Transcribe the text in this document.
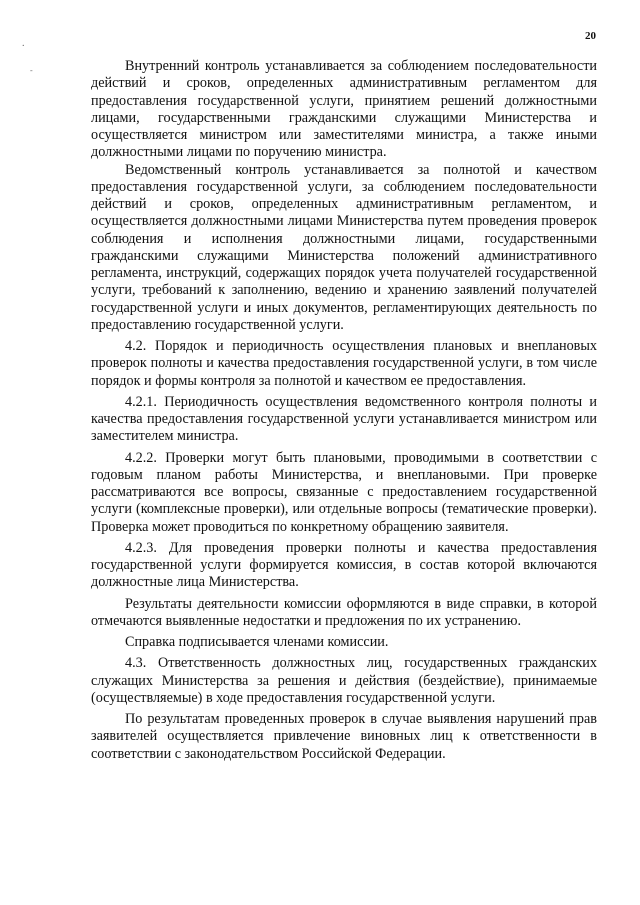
.
-
20

Внутренний контроль устанавливается за соблюдением последовательности действий и сроков, определенных административным регламентом для предоставления государственной услуги, принятием решений должностными лицами, государственными гражданскими служащими Министерства и осуществляется министром или заместителями министра, а также иными должностными лицами по поручению министра.

Ведомственный контроль устанавливается за полнотой и качеством предоставления государственной услуги, за соблюдением последовательности действий и сроков, определенных административным регламентом, и осуществляется должностными лицами Министерства путем проведения проверок соблюдения и исполнения должностными лицами, государственными гражданскими служащими Министерства положений административного регламента, инструкций, содержащих порядок учета получателей государственной услуги, требований к заполнению, ведению и хранению заявлений получателей государственной услуги и иных документов, регламентирующих деятельность по предоставлению государственной услуги.

4.2. Порядок и периодичность осуществления плановых и внеплановых проверок полноты и качества предоставления государственной услуги, в том числе порядок и формы контроля за полнотой и качеством ее предоставления.

4.2.1. Периодичность осуществления ведомственного контроля полноты и качества предоставления государственной услуги устанавливается министром или заместителем министра.

4.2.2. Проверки могут быть плановыми, проводимыми в соответствии с годовым планом работы Министерства, и внеплановыми. При проверке рассматриваются все вопросы, связанные с предоставлением государственной услуги (комплексные проверки), или отдельные вопросы (тематические проверки). Проверка может проводиться по конкретному обращению заявителя.

4.2.3. Для проведения проверки полноты и качества предоставления государственной услуги формируется комиссия, в состав которой включаются должностные лица Министерства.

Результаты деятельности комиссии оформляются в виде справки, в которой отмечаются выявленные недостатки и предложения по их устранению.

Справка подписывается членами комиссии.

4.3. Ответственность должностных лиц, государственных гражданских служащих Министерства за решения и действия (бездействие), принимаемые (осуществляемые) в ходе предоставления государственной услуги.

По результатам проведенных проверок в случае выявления нарушений прав заявителей осуществляется привлечение виновных лиц к ответственности в соответствии с законодательством Российской Федерации.
